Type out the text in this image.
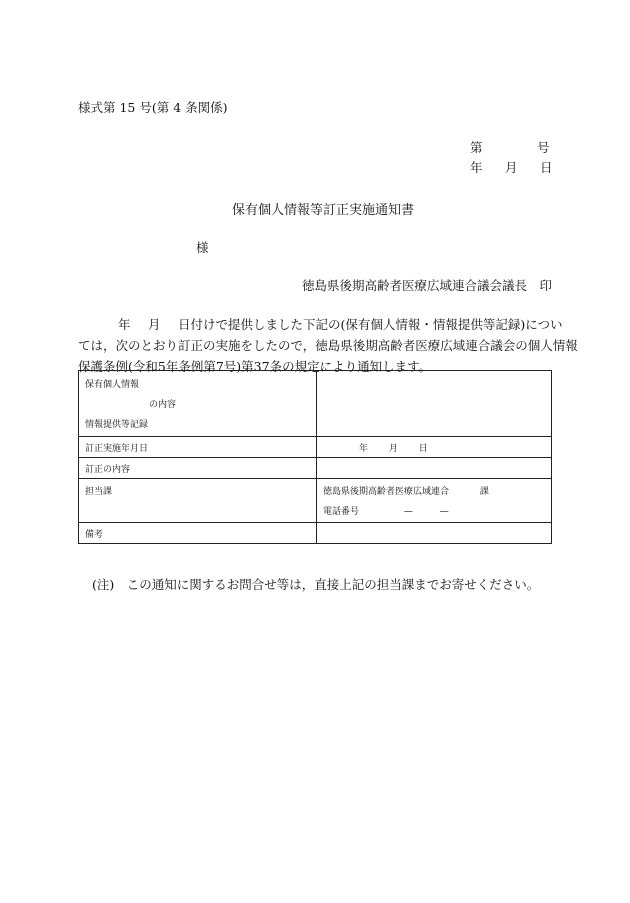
様式第 15 号(第 4 条関係)
第	号
年 月 日
保有個人情報等訂正実施通知書
様
徳島県後期高齢者医療広域連合議会議長　印
年 月 日付けで提供しました下記の(保有個人情報・情報提供等記録)につい
ては，次のとおり訂正の実施をしたので，徳島県後期高齢者医療広域連合議会の個人情報
保護条例(令和5年条例第7号)第37条の規定により通知します。
保有個人情報
の内容
情報提供等記録	

訂正実施年月日	年 月 日
訂正の内容	
担当課	徳島県後期高齢者医療広域連合 課
電話番号 — —

備考	
(注)　この通知に関するお問合せ等は，直接上記の担当課までお寄せください。
